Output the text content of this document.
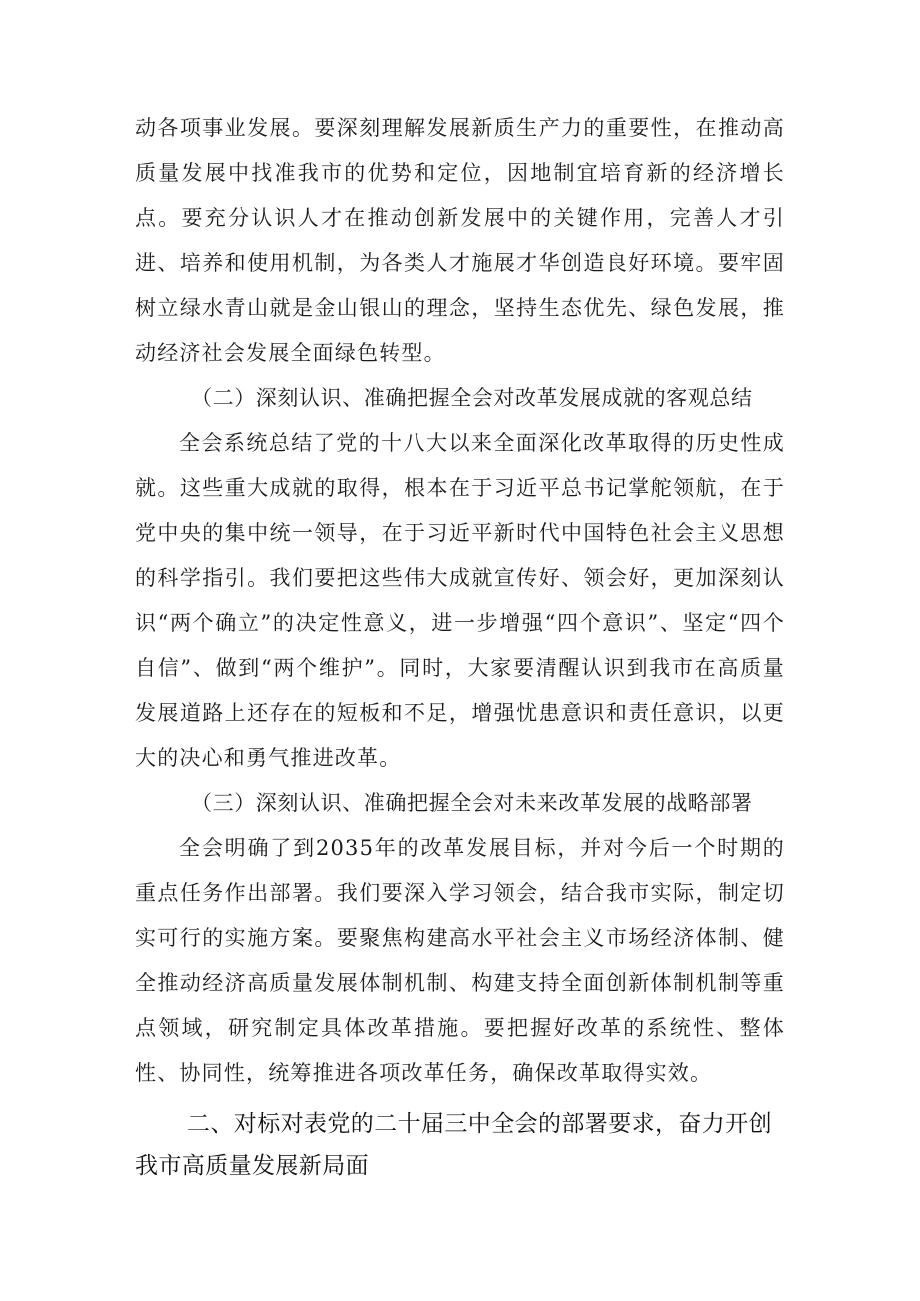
动各项事业发展。要深刻理解发展新质生产力的重要性，在推动高质量发展中找准我市的优势和定位，因地制宜培育新的经济增长点。要充分认识人才在推动创新发展中的关键作用，完善人才引进、培养和使用机制，为各类人才施展才华创造良好环境。要牢固树立绿水青山就是金山银山的理念，坚持生态优先、绿色发展，推动经济社会发展全面绿色转型。

（二）深刻认识、准确把握全会对改革发展成就的客观总结

全会系统总结了党的十八大以来全面深化改革取得的历史性成就。这些重大成就的取得，根本在于习近平总书记掌舵领航，在于党中央的集中统一领导，在于习近平新时代中国特色社会主义思想的科学指引。我们要把这些伟大成就宣传好、领会好，更加深刻认识“两个确立”的决定性意义，进一步增强“四个意识”、坚定“四个自信”、做到“两个维护”。同时，大家要清醒认识到我市在高质量发展道路上还存在的短板和不足，增强忧患意识和责任意识，以更大的决心和勇气推进改革。

（三）深刻认识、准确把握全会对未来改革发展的战略部署

全会明确了到2035年的改革发展目标，并对今后一个时期的重点任务作出部署。我们要深入学习领会，结合我市实际，制定切实可行的实施方案。要聚焦构建高水平社会主义市场经济体制、健全推动经济高质量发展体制机制、构建支持全面创新体制机制等重点领域，研究制定具体改革措施。要把握好改革的系统性、整体性、协同性，统筹推进各项改革任务，确保改革取得实效。

二、对标对表党的二十届三中全会的部署要求，奋力开创我市高质量发展新局面
